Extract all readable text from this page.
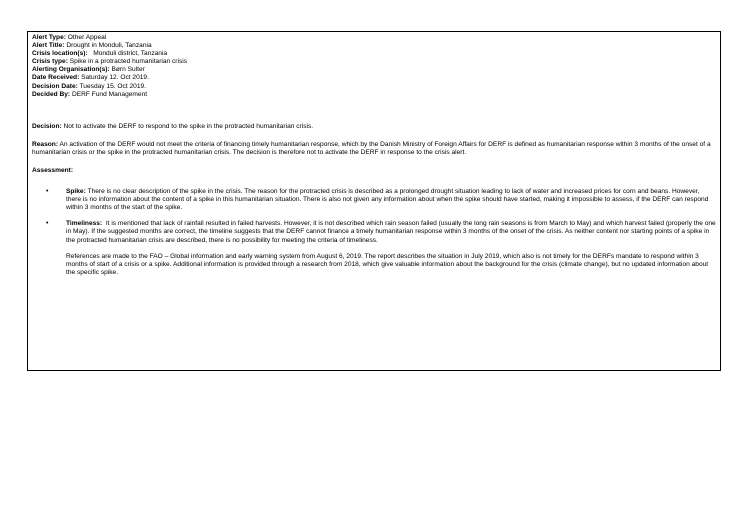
Alert Type: Other Appeal
Alert Title: Drought in Monduli, Tanzania
Crisis location(s):   Monduli district, Tanzania
Crisis type: Spike in a protracted humanitarian crisis
Alerting Organisation(s): Børn Sulter
Date Received: Saturday 12. Oct 2019.
Decision Date: Tuesday 15. Oct 2019.
Decided By: DERF Fund Management

Decision: Not to activate the DERF to respond to the spike in the protracted humanitarian crisis.

Reason: An activation of the DERF would not meet the criteria of financing timely humanitarian response, which by the Danish Ministry of Foreign Affairs for DERF is defined as humanitarian response within 3 months of the onset of a humanitarian crisis or the spike in the protracted humanitarian crisis. The decision is therefore not to activate the DERF in response to the crisis alert.

Assessment:

•	Spike: There is no clear description of the spike in the crisis. The reason for the protracted crisis is described as a prolonged drought situation leading to lack of water and increased prices for corn and beans. However, there is no information about the content of a spike in this humanitarian situation. There is also not given any information about when the spike should have started, making it impossible to assess, if the DERF can respond within 3 months of the start of the spike.
•	Timeliness:  It is mentioned that lack of rainfall resulted in failed harvests. However, it is not described which rain season failed (usually the long rain seasons is from March to May) and which harvest failed (properly the one in May). If the suggested months are correct, the timeline suggests that the DERF cannot finance a timely humanitarian response within 3 months of the onset of the crisis. As neither content nor starting points of a spike in the protracted humanitarian crisis are described, there is no possibility for meeting the criteria of timeliness.

References are made to the FAO – Global information and early warning system from August 6, 2019. The report describes the situation in July 2019, which also is not timely for the DERFs mandate to respond within 3 months of start of a crisis or a spike. Additional information is provided through a research from 2018, which give valuable information about the background for the crisis (climate change), but no updated information about the specific spike.
